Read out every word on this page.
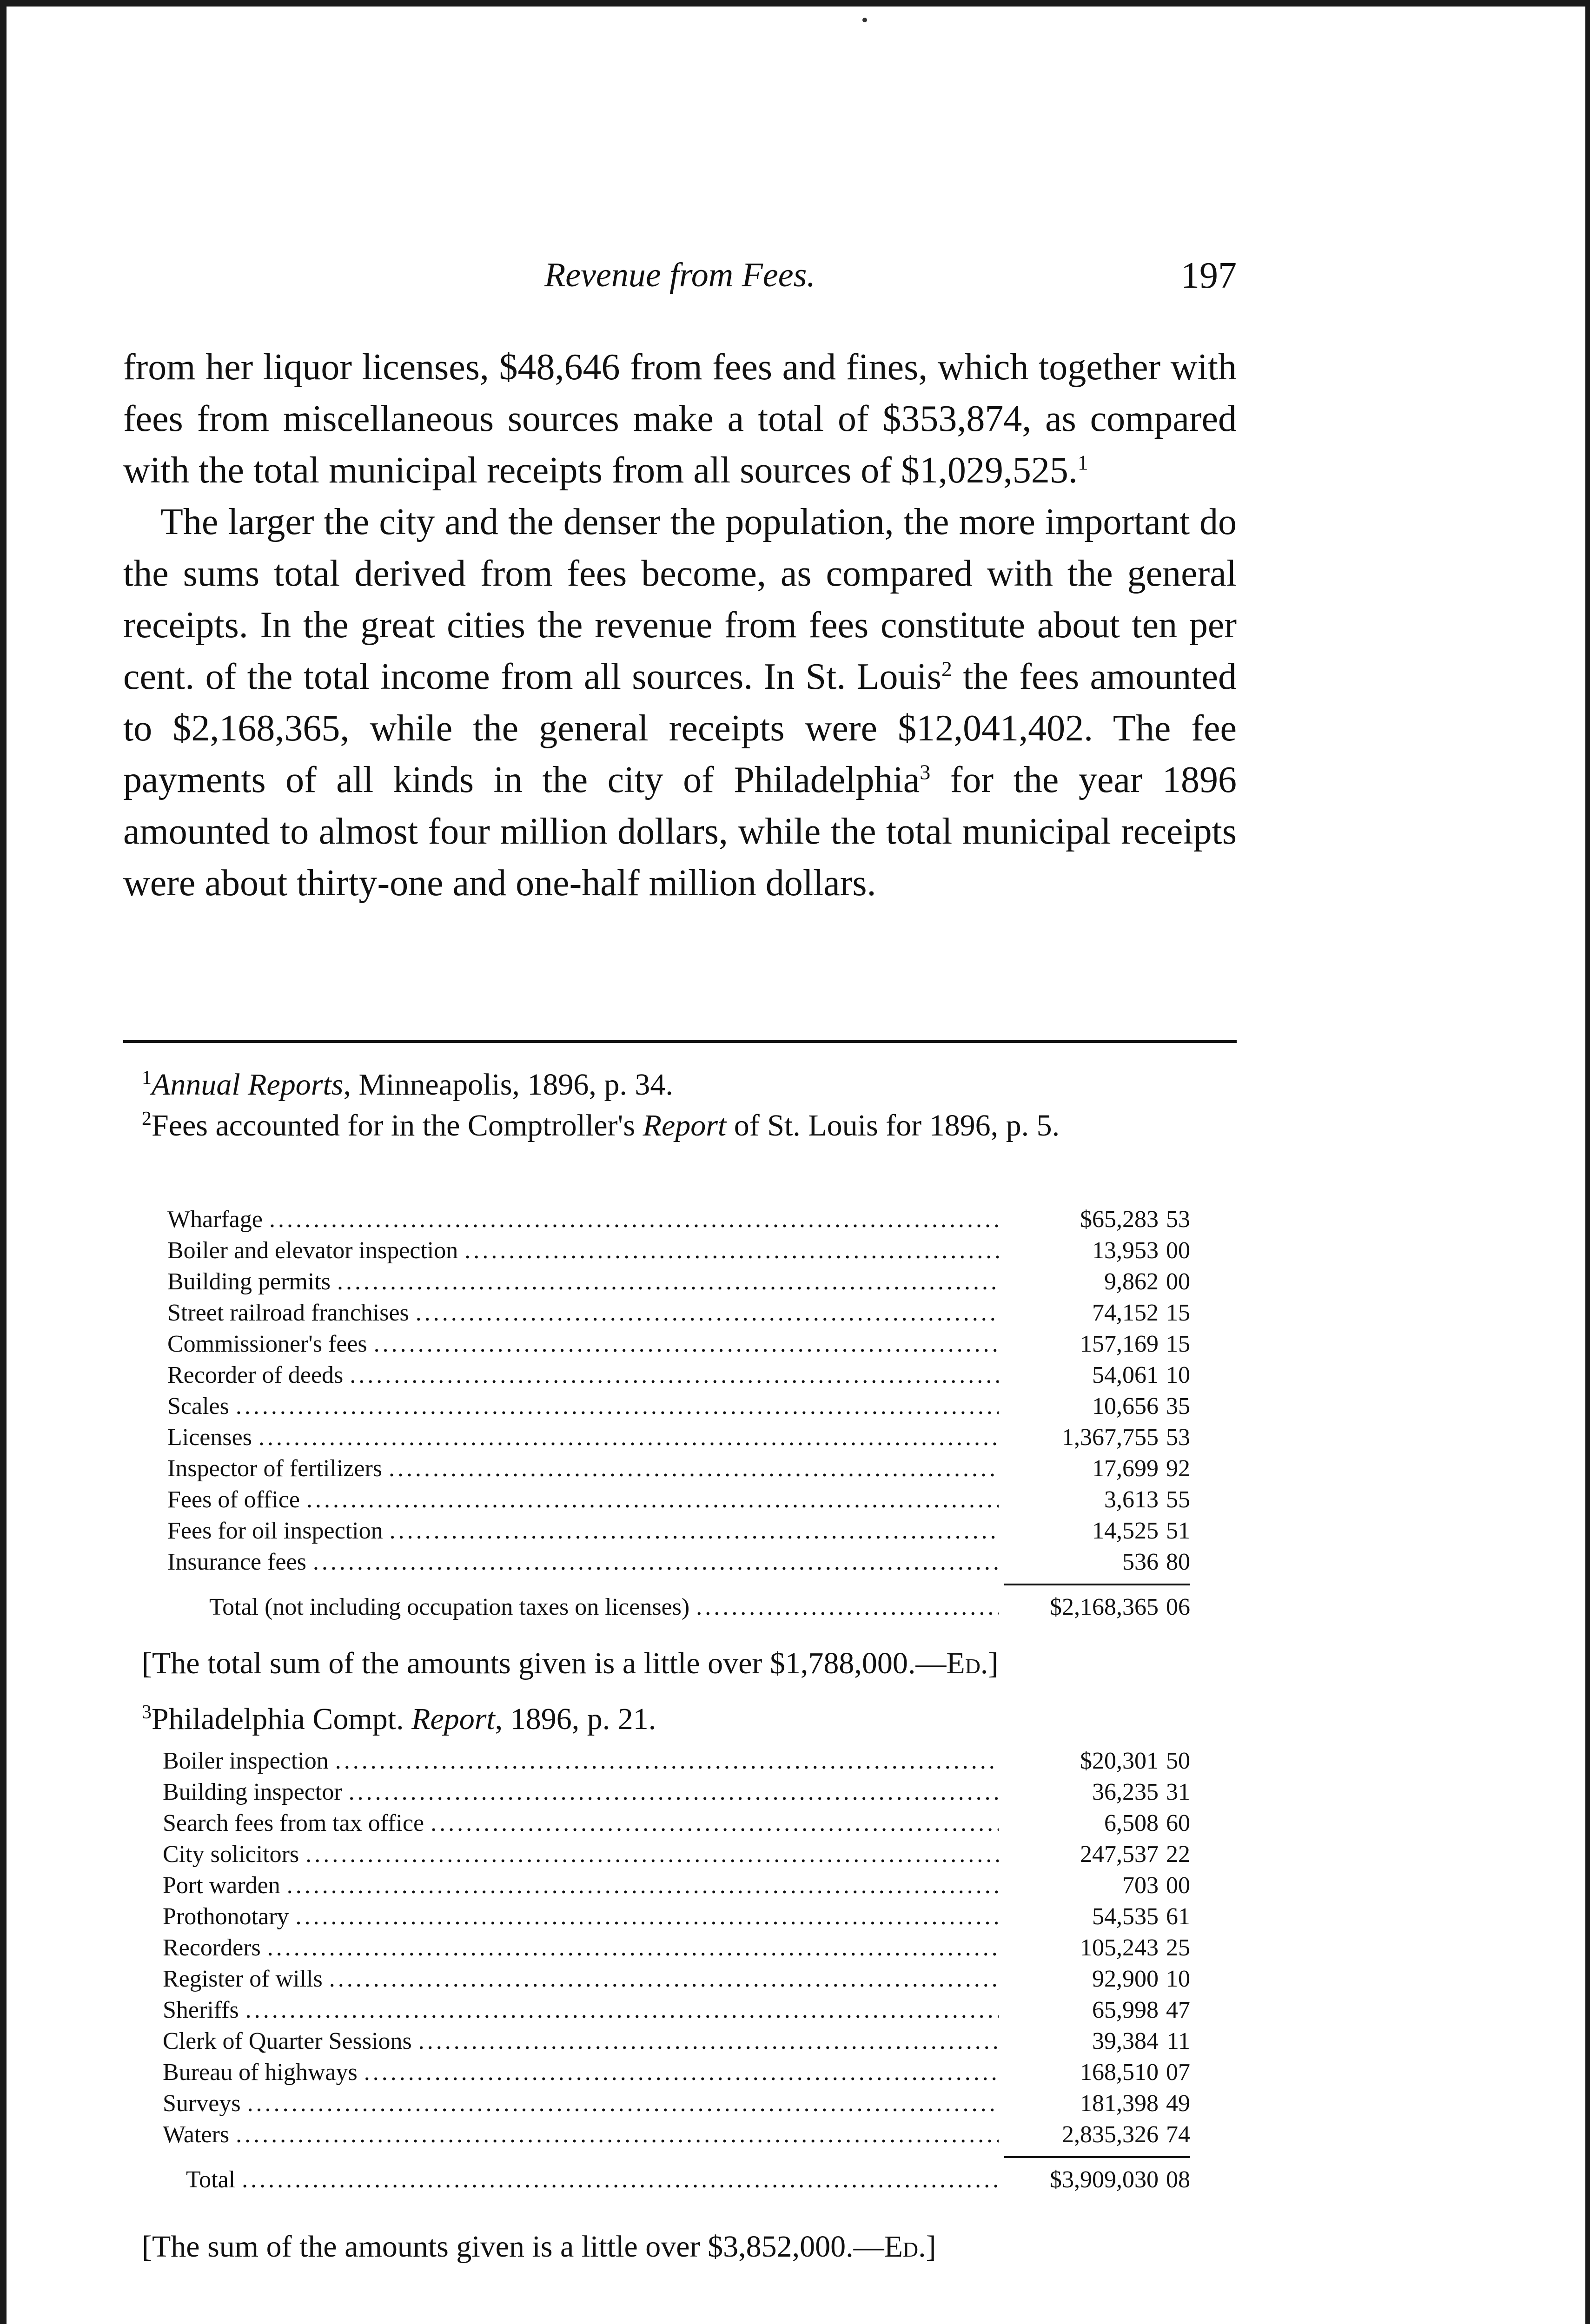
Revenue from Fees.	197

from her liquor licenses, $48,646 from fees and fines, which together with fees from miscellaneous sources make a total of $353,874, as compared with the total municipal receipts from all sources of $1,029,525.$^1$

The larger the city and the denser the population, the more important do the sums total derived from fees become, as compared with the general receipts. In the great cities the revenue from fees constitute about ten per cent. of the total income from all sources. In St. Louis$^2$ the fees amounted to $2,168,365, while the general receipts were $12,041,402. The fee payments of all kinds in the city of Philadelphia$^3$ for the year 1896 amounted to almost four million dollars, while the total municipal receipts were about thirty-one and one-half million dollars.

$^1$Annual Reports, Minneapolis, 1896, p. 34.

$^2$Fees accounted for in the Comptroller's Report of St. Louis for 1896, p. 5.

Wharfage .....	$65,283 53
Boiler and elevator inspection .....	13,953 00
Building permits .....	9,862 00
Street railroad franchises .....	74,152 15
Commissioner's fees .....	157,169 15
Recorder of deeds .....	54,061 10
Scales .....	10,656 35
Licenses .....	1,367,755 53
Inspector of fertilizers .....	17,699 92
Fees of office .....	3,613 55
Fees for oil inspection .....	14,525 51
Insurance fees .....	536 80
Total (not including occupation taxes on licenses) .....	$2,168,365 06
[The total sum of the amounts given is a little over $1,788,000.—Ed.]
$^3$Philadelphia Compt. Report, 1896, p. 21.
Boiler inspection .....	$20,301 50
Building inspector .....	36,235 31
Search fees from tax office .....	6,508 60
City solicitors .....	247,537 22
Port warden .....	703 00
Prothonotary .....	54,535 61
Recorders .....	105,243 25
Register of wills .....	92,900 10
Sheriffs .....	65,998 47
Clerk of Quarter Sessions .....	39,384 11
Bureau of highways .....	168,510 07
Surveys .....	181,398 49
Waters .....	2,835,326 74
Total .....	$3,909,030 08
[The sum of the amounts given is a little over $3,852,000.—Ed.]
